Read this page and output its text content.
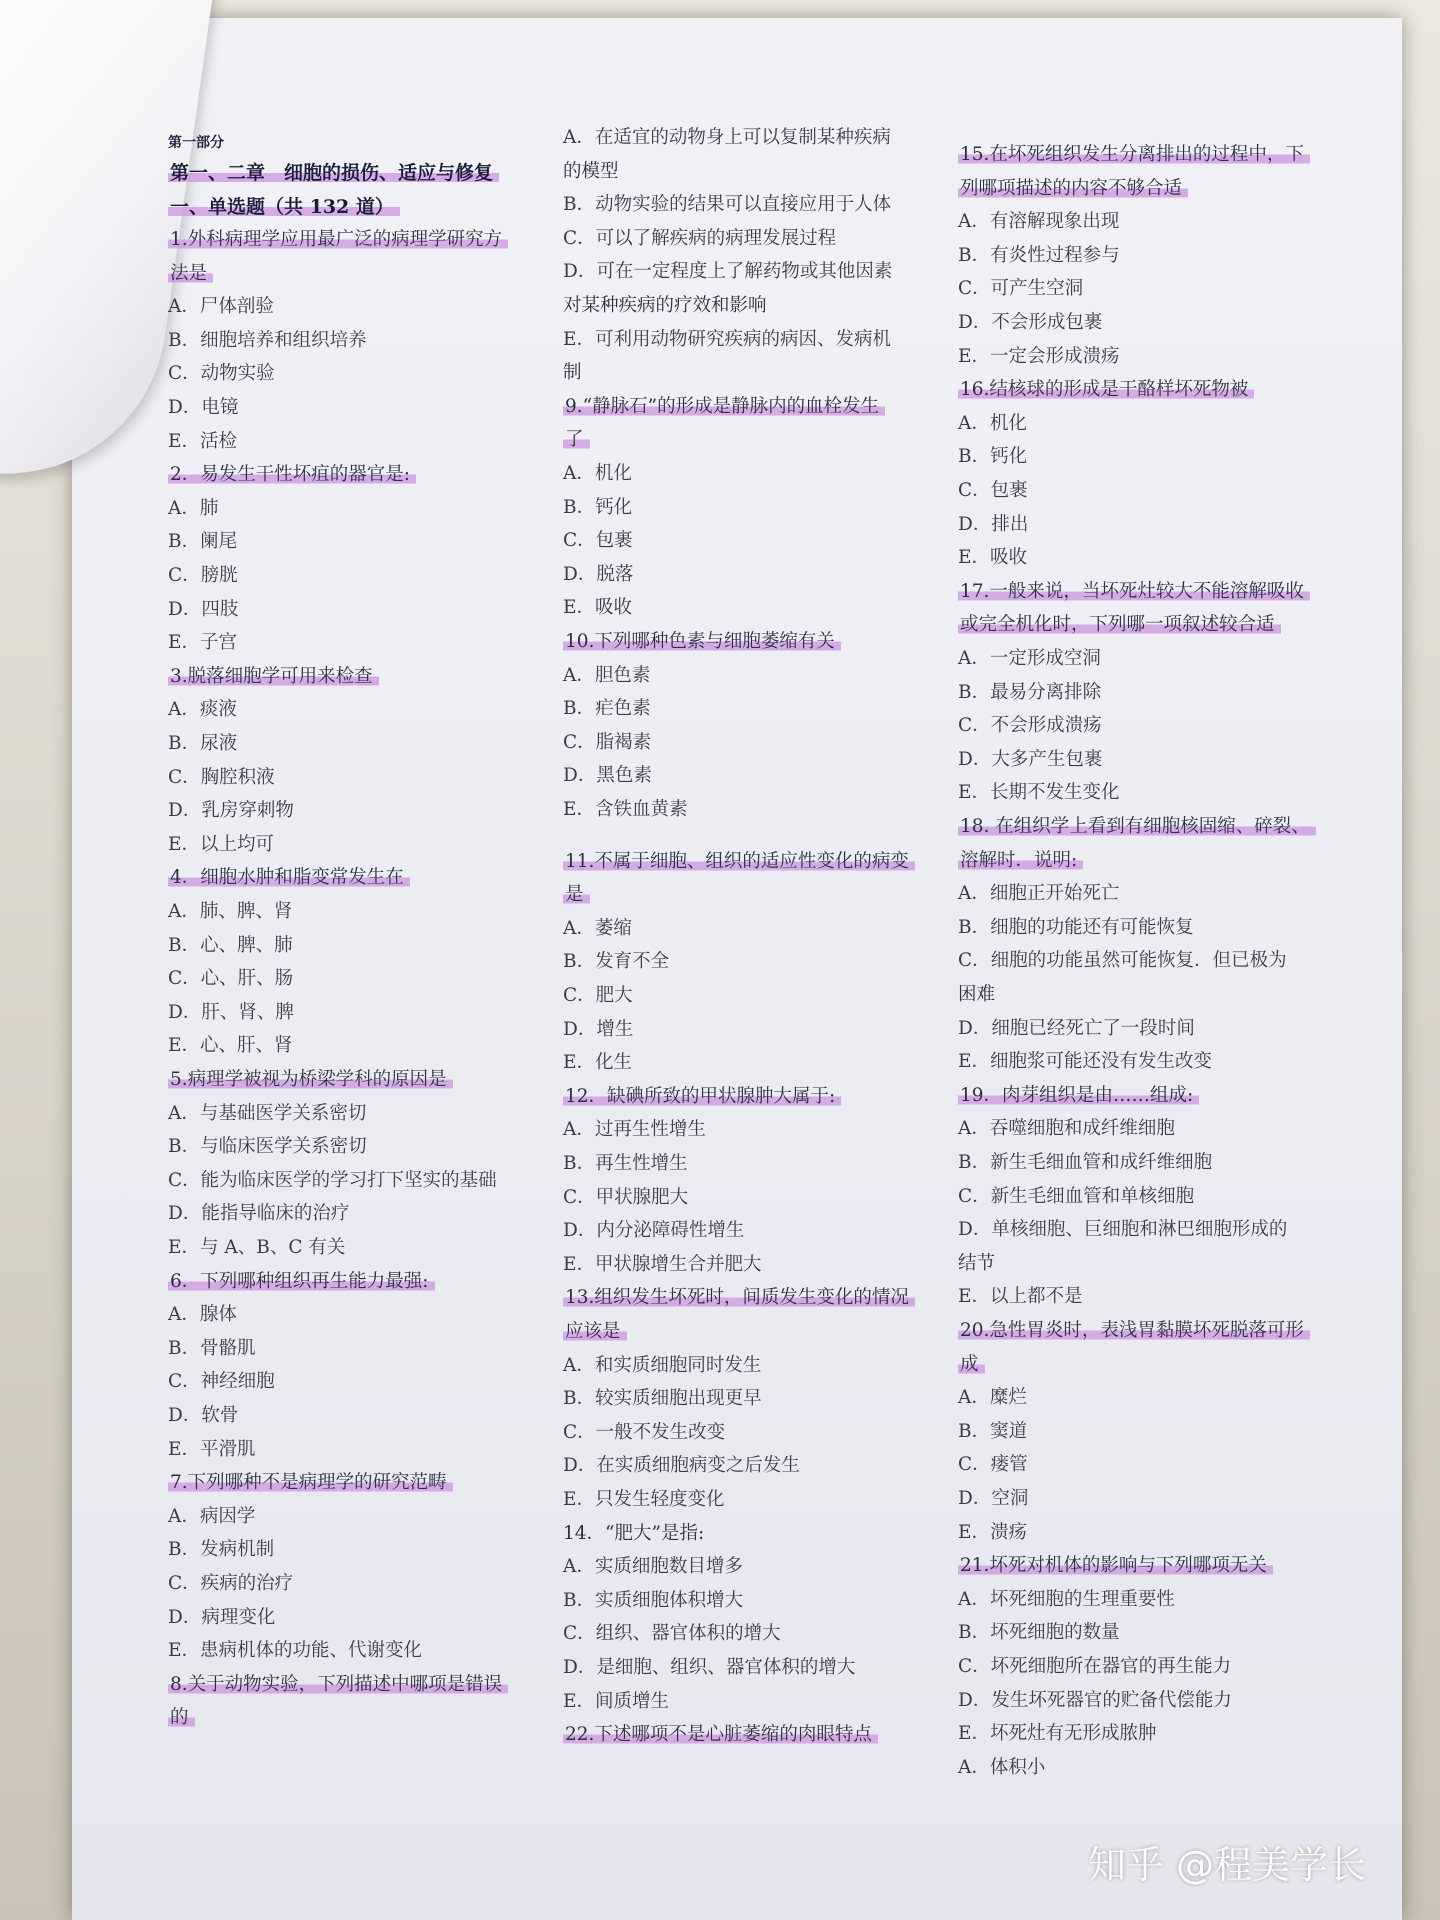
第一部分
第一、二章　细胞的损伤、适应与修复
一、单选题（共 132 道）
1.外科病理学应用最广泛的病理学研究方
法是
A．尸体剖验
B．细胞培养和组织培养
C．动物实验
D．电镜
E．活检
2．易发生干性坏疽的器官是:
A．肺
B．阑尾
C．膀胱
D．四肢
E．子宫
3.脱落细胞学可用来检查
A．痰液
B．尿液
C．胸腔积液
D．乳房穿刺物
E．以上均可
4．细胞水肿和脂变常发生在
A．肺、脾、肾
B．心、脾、肺
C．心、肝、肠
D．肝、肾、脾
E．心、肝、肾
5.病理学被视为桥梁学科的原因是
A．与基础医学关系密切
B．与临床医学关系密切
C．能为临床医学的学习打下坚实的基础
D．能指导临床的治疗
E．与 A、B、C 有关
6．下列哪种组织再生能力最强:
A．腺体
B．骨骼肌
C．神经细胞
D．软骨
E．平滑肌
7.下列哪种不是病理学的研究范畴
A．病因学
B．发病机制
C．疾病的治疗
D．病理变化
E．患病机体的功能、代谢变化
8.关于动物实验，下列描述中哪项是错误
的
A．在适宜的动物身上可以复制某种疾病
的模型
B．动物实验的结果可以直接应用于人体
C．可以了解疾病的病理发展过程
D．可在一定程度上了解药物或其他因素
对某种疾病的疗效和影响
E．可利用动物研究疾病的病因、发病机
制
9.“静脉石”的形成是静脉内的血栓发生
了
A．机化
B．钙化
C．包裹
D．脱落
E．吸收
10.下列哪种色素与细胞萎缩有关
A．胆色素
B．疟色素
C．脂褐素
D．黑色素
E．含铁血黄素
11.不属于细胞、组织的适应性变化的病变
是
A．萎缩
B．发育不全
C．肥大
D．增生
E．化生
12．缺碘所致的甲状腺肿大属于:
A．过再生性增生
B．再生性增生
C．甲状腺肥大
D．内分泌障碍性增生
E．甲状腺增生合并肥大
13.组织发生坏死时，间质发生变化的情况
应该是
A．和实质细胞同时发生
B．较实质细胞出现更早
C．一般不发生改变
D．在实质细胞病变之后发生
E．只发生轻度变化
14．“肥大”是指:
A．实质细胞数目增多
B．实质细胞体积增大
C．组织、器官体积的增大
D．是细胞、组织、器官体积的增大
E．间质增生
22.下述哪项不是心脏萎缩的肉眼特点
15.在坏死组织发生分离排出的过程中，下
列哪项描述的内容不够合适
A．有溶解现象出现
B．有炎性过程参与
C．可产生空洞
D．不会形成包裹
E．一定会形成溃疡
16.结核球的形成是干酪样坏死物被
A．机化
B．钙化
C．包裹
D．排出
E．吸收
17.一般来说，当坏死灶较大不能溶解吸收
或完全机化时，下列哪一项叙述较合适
A．一定形成空洞
B．最易分离排除
C．不会形成溃疡
D．大多产生包裹
E．长期不发生变化
18. 在组织学上看到有细胞核固缩、碎裂、
溶解时．说明:
A．细胞正开始死亡
B．细胞的功能还有可能恢复
C．细胞的功能虽然可能恢复．但已极为
困难
D．细胞已经死亡了一段时间
E．细胞浆可能还没有发生改变
19．肉芽组织是由……组成:
A．吞噬细胞和成纤维细胞
B．新生毛细血管和成纤维细胞
C．新生毛细血管和单核细胞
D．单核细胞、巨细胞和淋巴细胞形成的
结节
E．以上都不是
20.急性胃炎时，表浅胃黏膜坏死脱落可形
成
A．糜烂
B．窦道
C．瘘管
D．空洞
E．溃疡
21.坏死对机体的影响与下列哪项无关
A．坏死细胞的生理重要性
B．坏死细胞的数量
C．坏死细胞所在器官的再生能力
D．发生坏死器官的贮备代偿能力
E．坏死灶有无形成脓肿
A．体积小
知乎 @程美学长
